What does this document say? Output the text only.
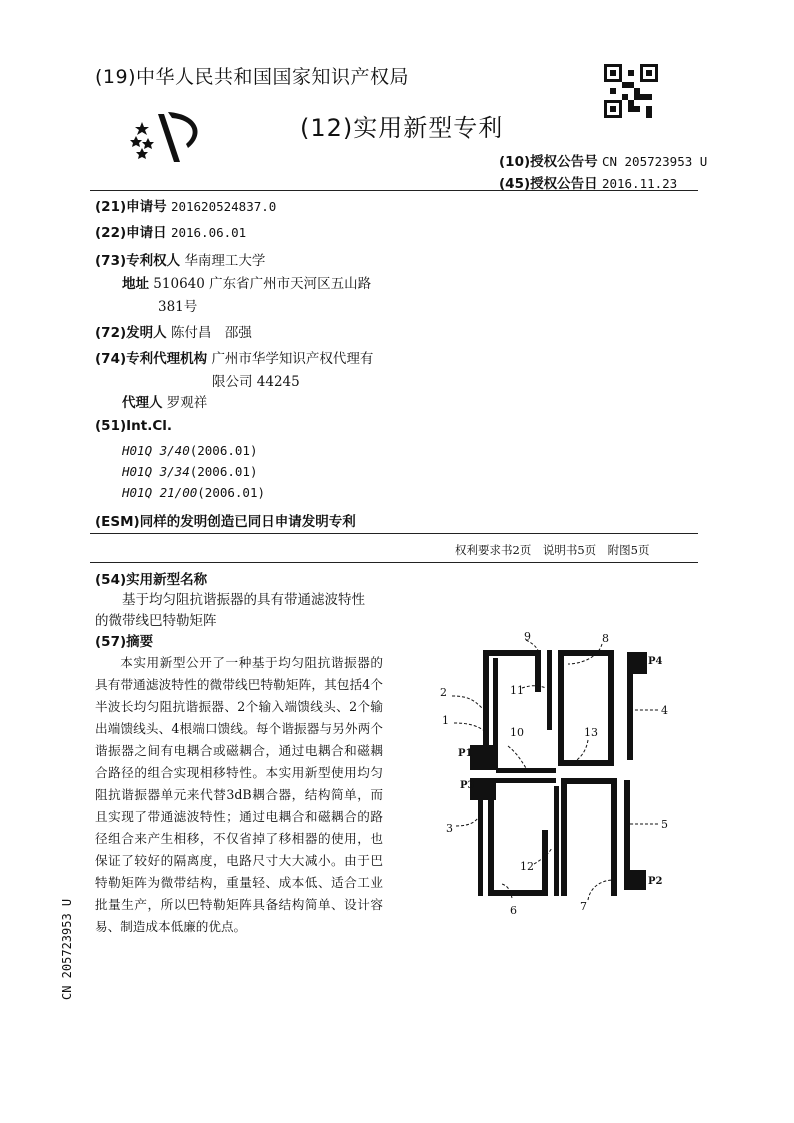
(19)中华人民共和国国家知识产权局
(12)实用新型专利
(10)授权公告号 CN 205723953 U
(45)授权公告日 2016.11.23
(21)申请号 201620524837.0
(22)申请日 2016.06.01
(73)专利权人 华南理工大学
地址 510640 广东省广州市天河区五山路
381号
(72)发明人 陈付昌　邵强
(74)专利代理机构 广州市华学知识产权代理有
限公司 44245
代理人 罗观祥
(51)Int.Cl.
H01Q 3/40(2006.01)
H01Q 3/34(2006.01)
H01Q 21/00(2006.01)
(ESM)同样的发明创造已同日申请发明专利
权利要求书2页　说明书5页　附图5页
(54)实用新型名称
基于均匀阻抗谐振器的具有带通滤波特性
的微带线巴特勒矩阵
(57)摘要
本实用新型公开了一种基于均匀阻抗谐振器的具有带通滤波特性的微带线巴特勒矩阵，其包括4个半波长均匀阻抗谐振器、2个输入端馈线头、2个输出端馈线头、4根端口馈线。每个谐振器与另外两个谐振器之间有电耦合或磁耦合，通过电耦合和磁耦合路径的组合实现相移特性。本实用新型使用均匀阻抗谐振器单元来代替3dB耦合器，结构简单，而且实现了带通滤波特性；通过电耦合和磁耦合的路径组合来产生相移，不仅省掉了移相器的使用，也保证了较好的隔离度，电路尺寸大大减小。由于巴特勒矩阵为微带结构，重量轻、成本低、适合工业批量生产，所以巴特勒矩阵具备结构简单、设计容易、制造成本低廉的优点。
CN 205723953 U
P1
P3
P4
P2
1
2
3
4
5
6	7
8
9
10
11
13
12
